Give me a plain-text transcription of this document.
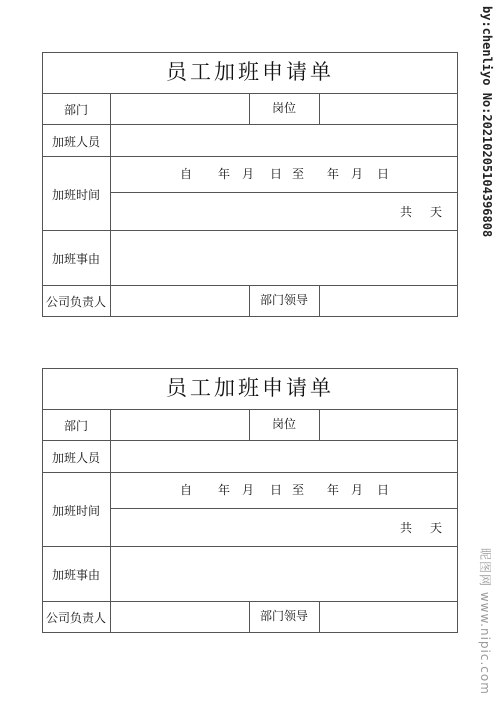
员工加班申请单
部门	岗位
加班人员
加班时间
自 年 月 日 至 年 月 日
共 天
加班事由
公司负责人	部门领导
员工加班申请单
部门	岗位
加班人员
加班时间
自 年 月 日 至 年 月 日
共 天
加班事由
公司负责人	部门领导
by:chenliyo No:20210205104396808
昵图网 www.nipic.com
